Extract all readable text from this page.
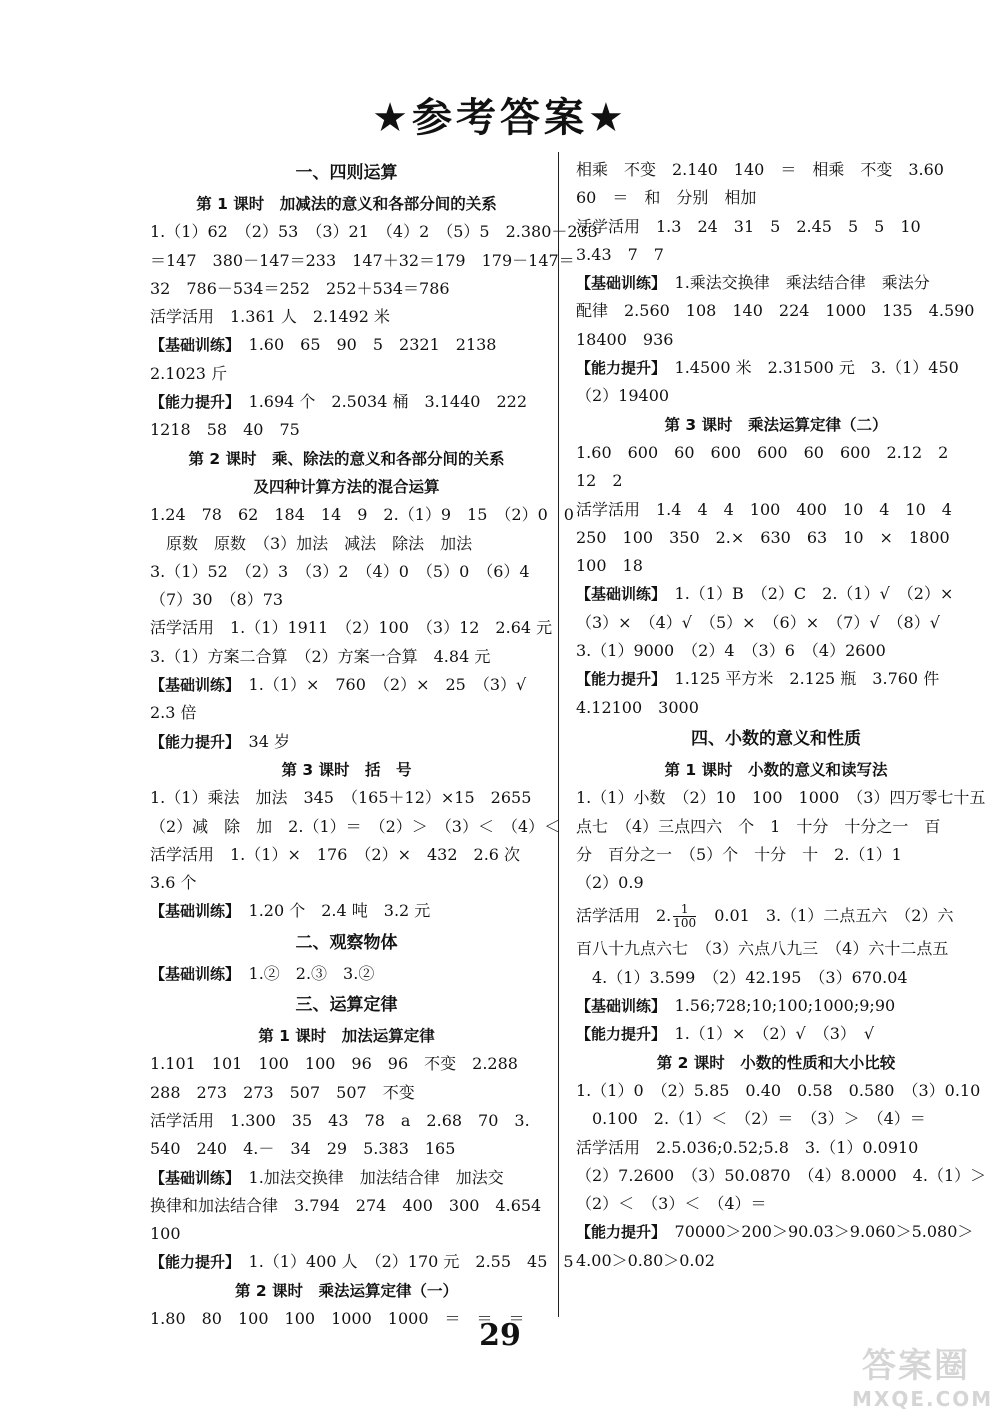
★参考答案★
一、四则运算
第 1 课时　加减法的意义和各部分间的关系
1.（1）62　（2）53　（3）21　（4）2　（5）5　2.380－233
＝147　380－147＝233　147＋32＝179　179－147＝
32　786－534＝252　252＋534＝786
活学活用　1.361 人　2.1492 米
【基础训练】　1.60　65　90　5　2321　2138
2.1023 斤
【能力提升】　1.694 个　2.5034 桶　3.1440　222
1218　58　40　75
第 2 课时　乘、除法的意义和各部分间的关系
及四种计算方法的混合运算
1.24　78　62　184　14　9　2.（1）9　15　（2）0　0
　原数　原数　（3）加法　减法　除法　加法
3.（1）52　（2）3　（3）2　（4）0　（5）0　（6）4
（7）30　（8）73
活学活用　1.（1）1911　（2）100　（3）12　2.64 元
3.（1）方案二合算　（2）方案一合算　4.84 元
【基础训练】　1.（1）×　760　（2）×　25　（3）√
2.3 倍
【能力提升】　34 岁
第 3 课时　括　号
1.（1）乘法　加法　345　（165＋12）×15　2655
（2）减　除　加　2.（1）＝　（2）＞　（3）＜　（4）＜
活学活用　1.（1）×　176　（2）×　432　2.6 次
3.6 个
【基础训练】　1.20 个　2.4 吨　3.2 元
二、观察物体
【基础训练】　1.②　2.③　3.②
三、运算定律
第 1 课时　加法运算定律
1.101　101　100　100　96　96　不变　2.288
288　273　273　507　507　不变
活学活用　1.300　35　43　78　a　2.68　70　3.
540　240　4.－　34　29　5.383　165
【基础训练】　1.加法交换律　加法结合律　加法交
换律和加法结合律　3.794　274　400　300　4.654
100
【能力提升】　1.（1）400 人　（2）170 元　2.55　45　5
第 2 课时　乘法运算定律（一）
1.80　80　100　100　1000　1000　＝　＝　＝
相乘　不变　2.140　140　＝　相乘　不变　3.60
60　＝　和　分别　相加
活学活用　1.3　24　31　5　2.45　5　5　10
3.43　7　7
【基础训练】　1.乘法交换律　乘法结合律　乘法分
配律　2.560　108　140　224　1000　135　4.590
18400　936
【能力提升】　1.4500 米　2.31500 元　3.（1）450
（2）19400
第 3 课时　乘法运算定律（二）
1.60　600　60　600　600　60　600　2.12　2
12　2
活学活用　1.4　4　4　100　400　10　4　10　4
250　100　350　2.×　630　63　10　×　1800
100　18
【基础训练】　1.（1）B　（2）C　2.（1）√　（2）×
（3）×　（4）√　（5）×　（6）×　（7）√　（8）√
3.（1）9000　（2）4　（3）6　（4）2600
【能力提升】　1.125 平方米　2.125 瓶　3.760 件
4.12100　3000
四、小数的意义和性质
第 1 课时　小数的意义和读写法
1.（1）小数　（2）10　100　1000　（3）四万零七十五
点七　（4）三点四六　个　1　十分　十分之一　百
分　百分之一　（5）个　十分　十　2.（1）1
（2）0.9
活学活用　2. $\frac{1}{100}$ 　0.01　3.（1）二点五六　（2）六
百八十九点六七　（3）六点八九三　（4）六十二点五
　4.（1）3.599　（2）42.195　（3）670.04
【基础训练】　1.56;728;10;100;1000;9;90
【能力提升】　1.（1）×　（2）√　（3）　√
第 2 课时　小数的性质和大小比较
1.（1）0　（2）5.85　0.40　0.58　0.580　（3）0.10
　0.100　2.（1）＜　（2）＝　（3）＞　（4）＝
活学活用　2.5.036;0.52;5.8　3.（1）0.0910
（2）7.2600　（3）50.0870　（4）8.0000　4.（1）＞
（2）＜　（3）＜　（4）＝
【能力提升】　70000＞200＞90.03＞9.060＞5.080＞
4.00＞0.80＞0.02
29
答案圈
MXQE.COM
